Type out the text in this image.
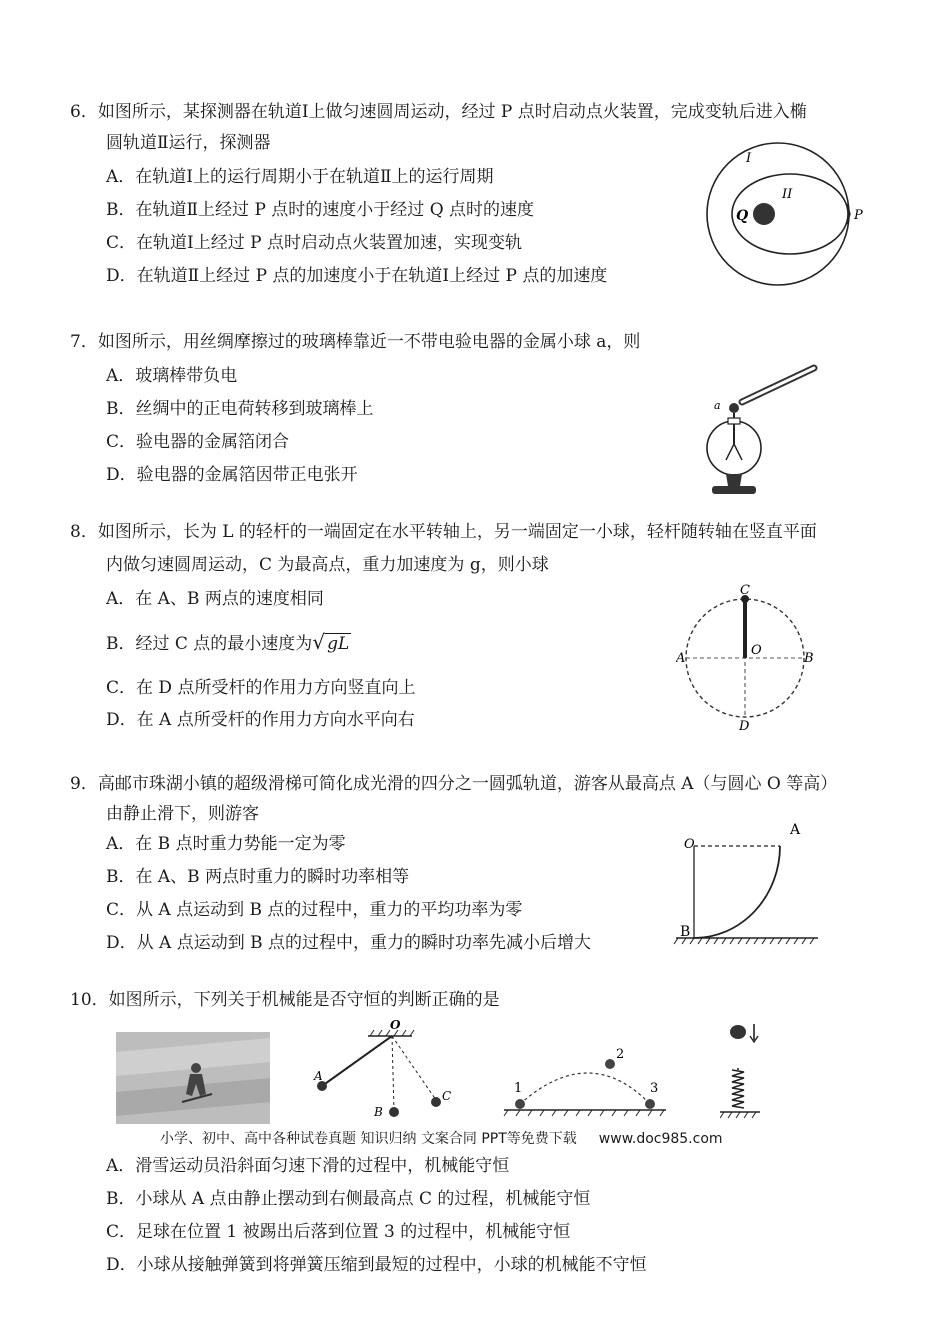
6．如图所示，某探测器在轨道Ⅰ上做匀速圆周运动，经过 P 点时启动点火装置，完成变轨后进入椭
圆轨道Ⅱ运行，探测器
A．在轨道Ⅰ上的运行周期小于在轨道Ⅱ上的运行周期
B．在轨道Ⅱ上经过 P 点时的速度小于经过 Q 点时的速度
C．在轨道Ⅰ上经过 P 点时启动点火装置加速，实现变轨
D．在轨道Ⅱ上经过 P 点的加速度小于在轨道Ⅰ上经过 P 点的加速度
I
II
Q	P
7．如图所示，用丝绸摩擦过的玻璃棒靠近一不带电验电器的金属小球 a，则
A．玻璃棒带负电
B．丝绸中的正电荷转移到玻璃棒上
C．验电器的金属箔闭合
D．验电器的金属箔因带正电张开
a
8．如图所示，长为 L 的轻杆的一端固定在水平转轴上，另一端固定一小球，轻杆随转轴在竖直平面
内做匀速圆周运动，C 为最高点，重力加速度为 g，则小球
A．在 A、B 两点的速度相同
B．经过 C 点的最小速度为√ gL
C．在 D 点所受杆的作用力方向竖直向上
D．在 A 点所受杆的作用力方向水平向右
C
O
A	B
D
9．高邮市珠湖小镇的超级滑梯可简化成光滑的四分之一圆弧轨道，游客从最高点 A（与圆心 O 等高）
由静止滑下，则游客
A．在 B 点时重力势能一定为零
B．在 A、B 两点时重力的瞬时功率相等
C．从 A 点运动到 B 点的过程中，重力的平均功率为零
D．从 A 点运动到 B 点的过程中，重力的瞬时功率先减小后增大
O
A
B
10．如图所示，下列关于机械能是否守恒的判断正确的是
O
A
B
C	1
2
3
小学、初中、高中各种试卷真题 知识归纳 文案合同 PPT等免费下载 www.doc985.com
A．滑雪运动员沿斜面匀速下滑的过程中，机械能守恒
B．小球从 A 点由静止摆动到右侧最高点 C 的过程，机械能守恒
C．足球在位置 1 被踢出后落到位置 3 的过程中，机械能守恒
D．小球从接触弹簧到将弹簧压缩到最短的过程中，小球的机械能不守恒
